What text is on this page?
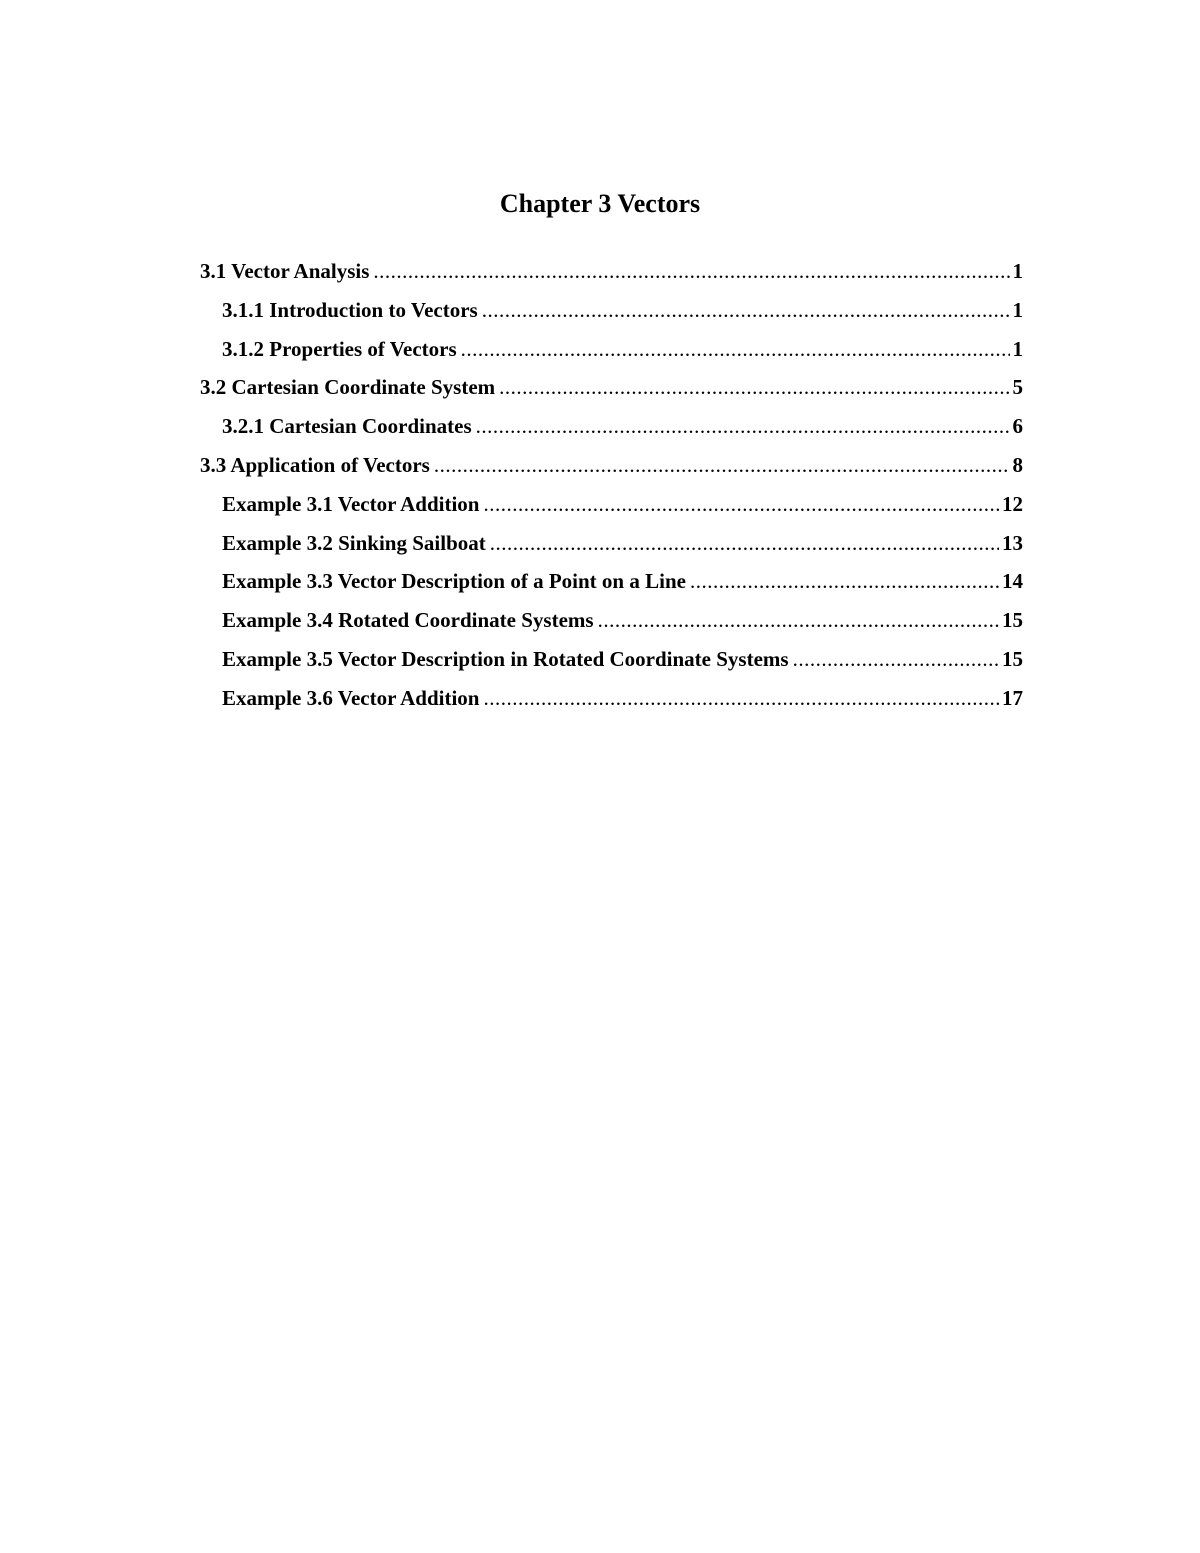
Chapter 3 Vectors
3.1 Vector Analysis .....	1
3.1.1 Introduction to Vectors .....	1
3.1.2 Properties of Vectors .....	1
3.2 Cartesian Coordinate System .....	5
3.2.1 Cartesian Coordinates .....	6
3.3 Application of Vectors .....	8
Example 3.1 Vector Addition .....	12
Example 3.2 Sinking Sailboat .....	13
Example 3.3 Vector Description of a Point on a Line .....	14
Example 3.4 Rotated Coordinate Systems .....	15
Example 3.5 Vector Description in Rotated Coordinate Systems .....	15
Example 3.6 Vector Addition .....	17
